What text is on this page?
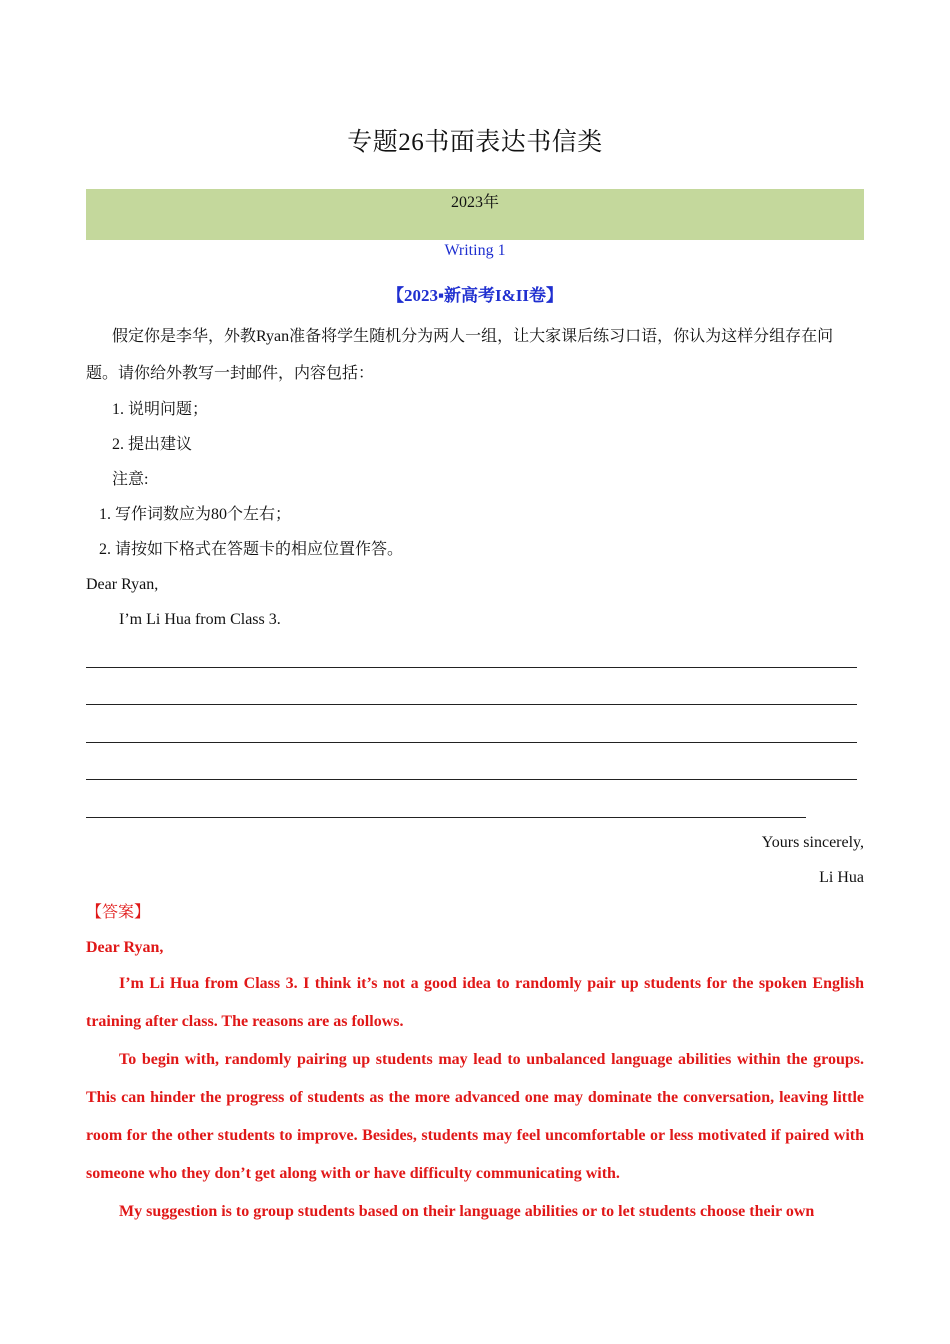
专题26书面表达书信类
2023年
Writing 1
【2023▪新高考I&II卷】

假定你是李华，外教Ryan准备将学生随机分为两人一组，让大家课后练习口语，你认为这样分组存在问题。请你给外教写一封邮件，内容包括：

1. 说明问题；
2. 提出建议
注意:
1. 写作词数应为80个左右；
2. 请按如下格式在答题卡的相应位置作答。
Dear Ryan,
I’m Li Hua from Class 3.
Yours sincerely,
Li Hua
【答案】

Dear Ryan,

I’m Li Hua from Class 3. I think it’s not a good idea to randomly pair up students for the spoken English training after class. The reasons are as follows.

To begin with, randomly pairing up students may lead to unbalanced language abilities within the groups. This can hinder the progress of students as the more advanced one may dominate the conversation, leaving little room for the other students to improve. Besides, students may feel uncomfortable or less motivated if paired with someone who they don’t get along with or have difficulty communicating with.

My suggestion is to group students based on their language abilities or to let students choose their own
